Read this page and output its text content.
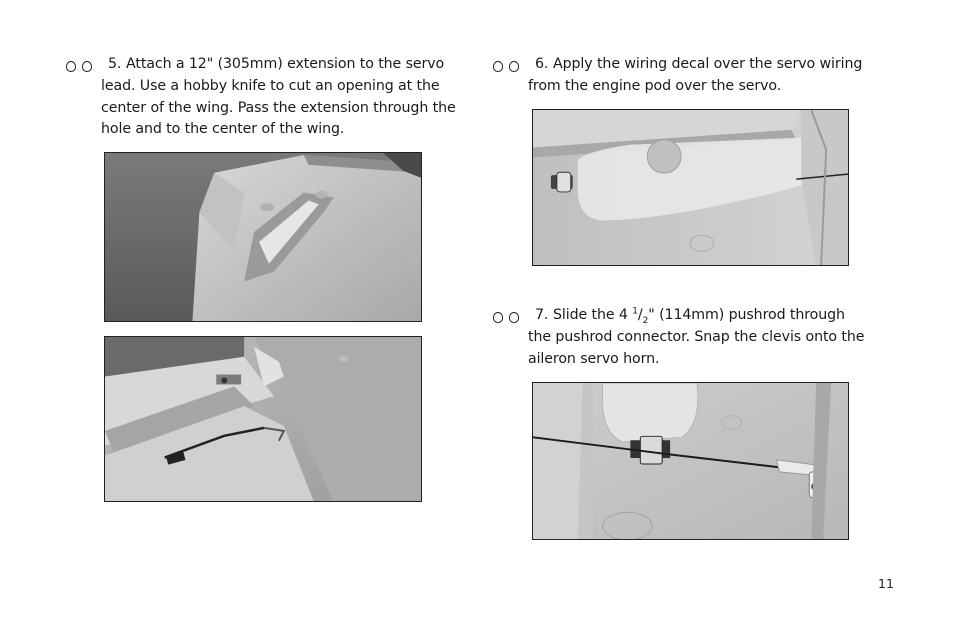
5. Attach a 12" (305mm) extension to the servo
lead. Use a hobby knife to cut an opening at the
center of the wing. Pass the extension through the
hole and to the center of the wing.
6. Apply the wiring decal over the servo wiring
from the engine pod over the servo.
7. Slide the 4 $^1/_2$" (114mm) pushrod through
the pushrod connector. Snap the clevis onto the
aileron servo horn.
11
